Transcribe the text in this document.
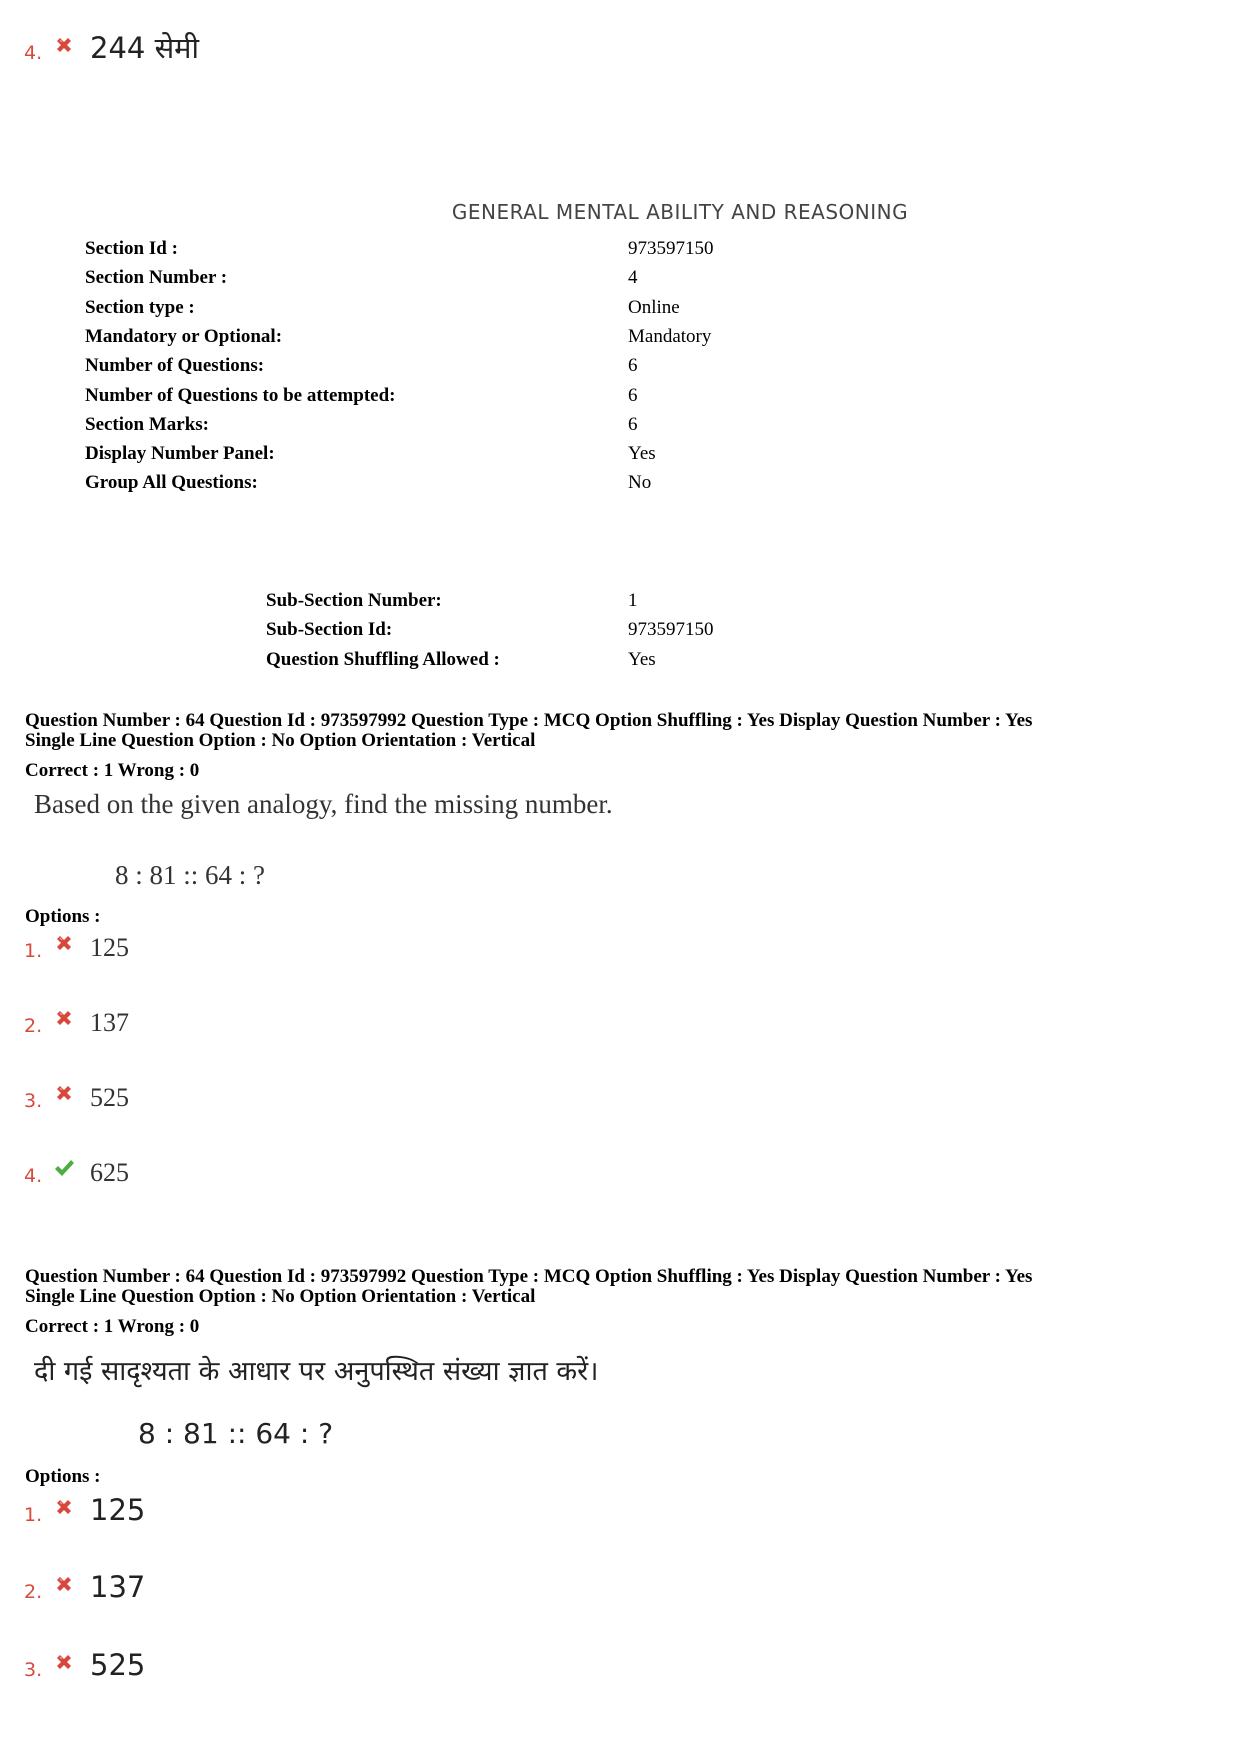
4.	244 सेमी
GENERAL MENTAL ABILITY AND REASONING
Section Id :	973597150
Section Number :	4
Section type :	Online
Mandatory or Optional:	Mandatory
Number of Questions:	6
Number of Questions to be attempted:	6
Section Marks:	6
Display Number Panel:	Yes
Group All Questions:	No
Sub-Section Number:	1
Sub-Section Id:	973597150
Question Shuffling Allowed :	Yes
Question Number : 64 Question Id : 973597992 Question Type : MCQ Option Shuffling : Yes Display Question Number : Yes
Single Line Question Option : No Option Orientation : Vertical
Correct : 1 Wrong : 0
Based on the given analogy, find the missing number.
8 : 81 :: 64 : ?
Options :
1.	125
2.	137
3.	525
4.	625
Question Number : 64 Question Id : 973597992 Question Type : MCQ Option Shuffling : Yes Display Question Number : Yes
Single Line Question Option : No Option Orientation : Vertical
Correct : 1 Wrong : 0
दी गई सादृश्यता के आधार पर अनुपस्थित संख्या ज्ञात करें।
8 : 81 :: 64 : ?
Options :
1.	125
2.	137
3.	525
